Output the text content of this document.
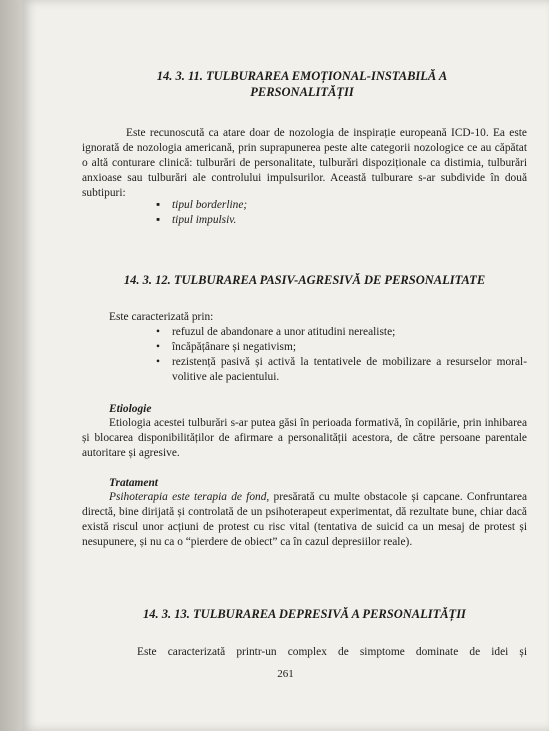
14. 3. 11. TULBURAREA EMOȚIONAL-INSTABILĂ A
PERSONALITĂȚII

Este recunoscută ca atare doar de nozologia de inspirație europeană ICD-10. Ea este ignorată de nozologia americană, prin suprapunerea peste alte categorii nozologice ce au căpătat o altă conturare clinică: tulburări de personalitate, tulburări dispoziționale ca distimia, tulburări anxioase sau tulburări ale controlului impulsurilor. Această tulburare s-ar subdivide în două subtipuri:

▪ tipul borderline;
▪ tipul impulsiv.

14. 3. 12. TULBURAREA PASIV-AGRESIVĂ DE PERSONALITATE

Este caracterizată prin:

• refuzul de abandonare a unor atitudini nerealiste;
• încăpățânare și negativism;
• rezistență pasivă și activă la tentativele de mobilizare a resurselor moral-volitive ale pacientului.

Etiologie

Etiologia acestei tulburări s-ar putea găsi în perioada formativă, în copilărie, prin inhibarea și blocarea disponibilităților de afirmare a personalității acestora, de către persoane parentale autoritare și agresive.

Tratament

Psihoterapia este terapia de fond, presărată cu multe obstacole și capcane. Confruntarea directă, bine dirijată și controlată de un psihoterapeut experimentat, dă rezultate bune, chiar dacă există riscul unor acțiuni de protest cu risc vital (tentativa de suicid ca un mesaj de protest și nesupunere, și nu ca o “pierdere de obiect” ca în cazul depresiilor reale).

14. 3. 13. TULBURAREA DEPRESIVĂ A PERSONALITĂȚII

Este caracterizată printr-un complex de simptome dominate de idei și

261
